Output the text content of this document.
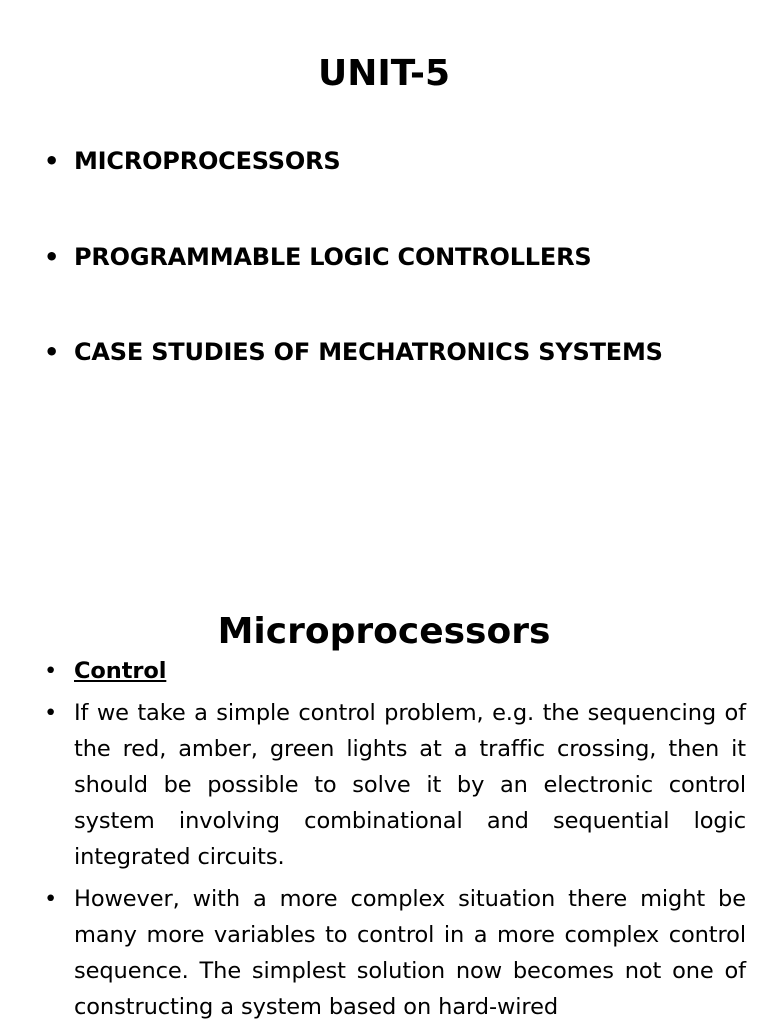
UNIT-5
• MICROPROCESSORS
• PROGRAMMABLE LOGIC CONTROLLERS
• CASE STUDIES OF MECHATRONICS SYSTEMS
Microprocessors
• Control
• If we take a simple control problem, e.g. the sequencing of the red, amber, green lights at a traffic crossing, then it should be possible to solve it by an electronic control system involving combinational and sequential logic integrated circuits.
• However, with a more complex situation there might be many more variables to control in a more complex control sequence. The simplest solution now becomes not one of constructing a system based on hard-wired
